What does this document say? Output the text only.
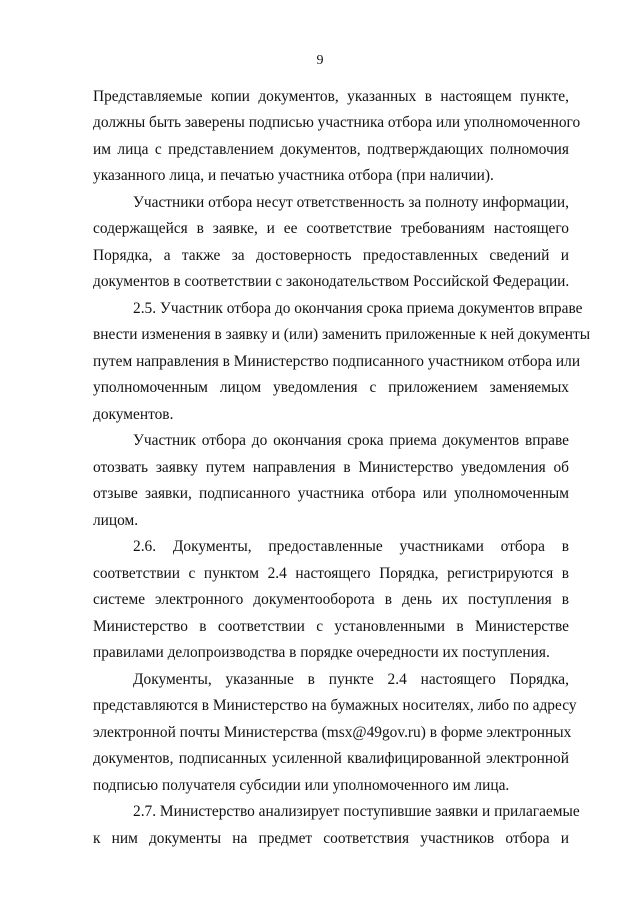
9
Представляемые копии документов, указанных в настоящем пункте,
должны быть заверены подписью участника отбора или уполномоченного
им лица с представлением документов, подтверждающих полномочия
указанного лица, и печатью участника отбора (при наличии).
Участники отбора несут ответственность за полноту информации,
содержащейся в заявке, и ее соответствие требованиям настоящего
Порядка, а также за достоверность предоставленных сведений и
документов в соответствии с законодательством Российской Федерации.
2.5. Участник отбора до окончания срока приема документов вправе
внести изменения в заявку и (или) заменить приложенные к ней документы
путем направления в Министерство подписанного участником отбора или
уполномоченным лицом уведомления с приложением заменяемых
документов.
Участник отбора до окончания срока приема документов вправе
отозвать заявку путем направления в Министерство уведомления об
отзыве заявки, подписанного участника отбора или уполномоченным
лицом.
2.6. Документы, предоставленные участниками отбора в
соответствии с пунктом 2.4 настоящего Порядка, регистрируются в
системе электронного документооборота в день их поступления в
Министерство в соответствии с установленными в Министерстве
правилами делопроизводства в порядке очередности их поступления.
Документы, указанные в пункте 2.4 настоящего Порядка,
представляются в Министерство на бумажных носителях, либо по адресу
электронной почты Министерства (msx@49gov.ru) в форме электронных
документов, подписанных усиленной квалифицированной электронной
подписью получателя субсидии или уполномоченного им лица.
2.7. Министерство анализирует поступившие заявки и прилагаемые
к ним документы на предмет соответствия участников отбора и
